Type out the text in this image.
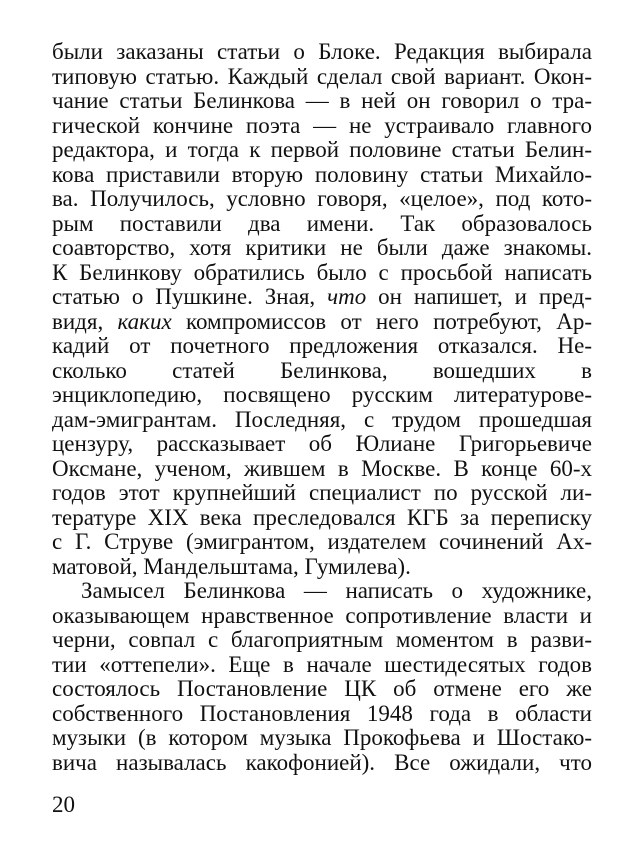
были заказаны статьи о Блоке. Редакция выбирала
типовую статью. Каждый сделал свой вариант. Окон-
чание статьи Белинкова — в ней он говорил о тра-
гической кончине поэта — не устраивало главного
редактора, и тогда к первой половине статьи Белин-
кова приставили вторую половину статьи Михайло-
ва. Получилось, условно говоря, «целое», под кото-
рым поставили два имени. Так образовалось
соавторство, хотя критики не были даже знакомы.
К Белинкову обратились было с просьбой написать
статью о Пушкине. Зная, что он напишет, и пред-
видя, каких компромиссов от него потребуют, Ар-
кадий от почетного предложения отказался. Не-
сколько статей Белинкова, вошедших в
энциклопедию, посвящено русским литературове-
дам-эмигрантам. Последняя, с трудом прошедшая
цензуру, рассказывает об Юлиане Григорьевиче
Оксмане, ученом, жившем в Москве. В конце 60-х
годов этот крупнейший специалист по русской ли-
тературе XIX века преследовался КГБ за переписку
с Г. Струве (эмигрантом, издателем сочинений Ах-
матовой, Мандельштама, Гумилева).
Замысел Белинкова — написать о художнике,
оказывающем нравственное сопротивление власти и
черни, совпал с благоприятным моментом в разви-
тии «оттепели». Еще в начале шестидесятых годов
состоялось Постановление ЦК об отмене его же
собственного Постановления 1948 года в области
музыки (в котором музыка Прокофьева и Шостако-
вича называлась какофонией). Все ожидали, что
20
